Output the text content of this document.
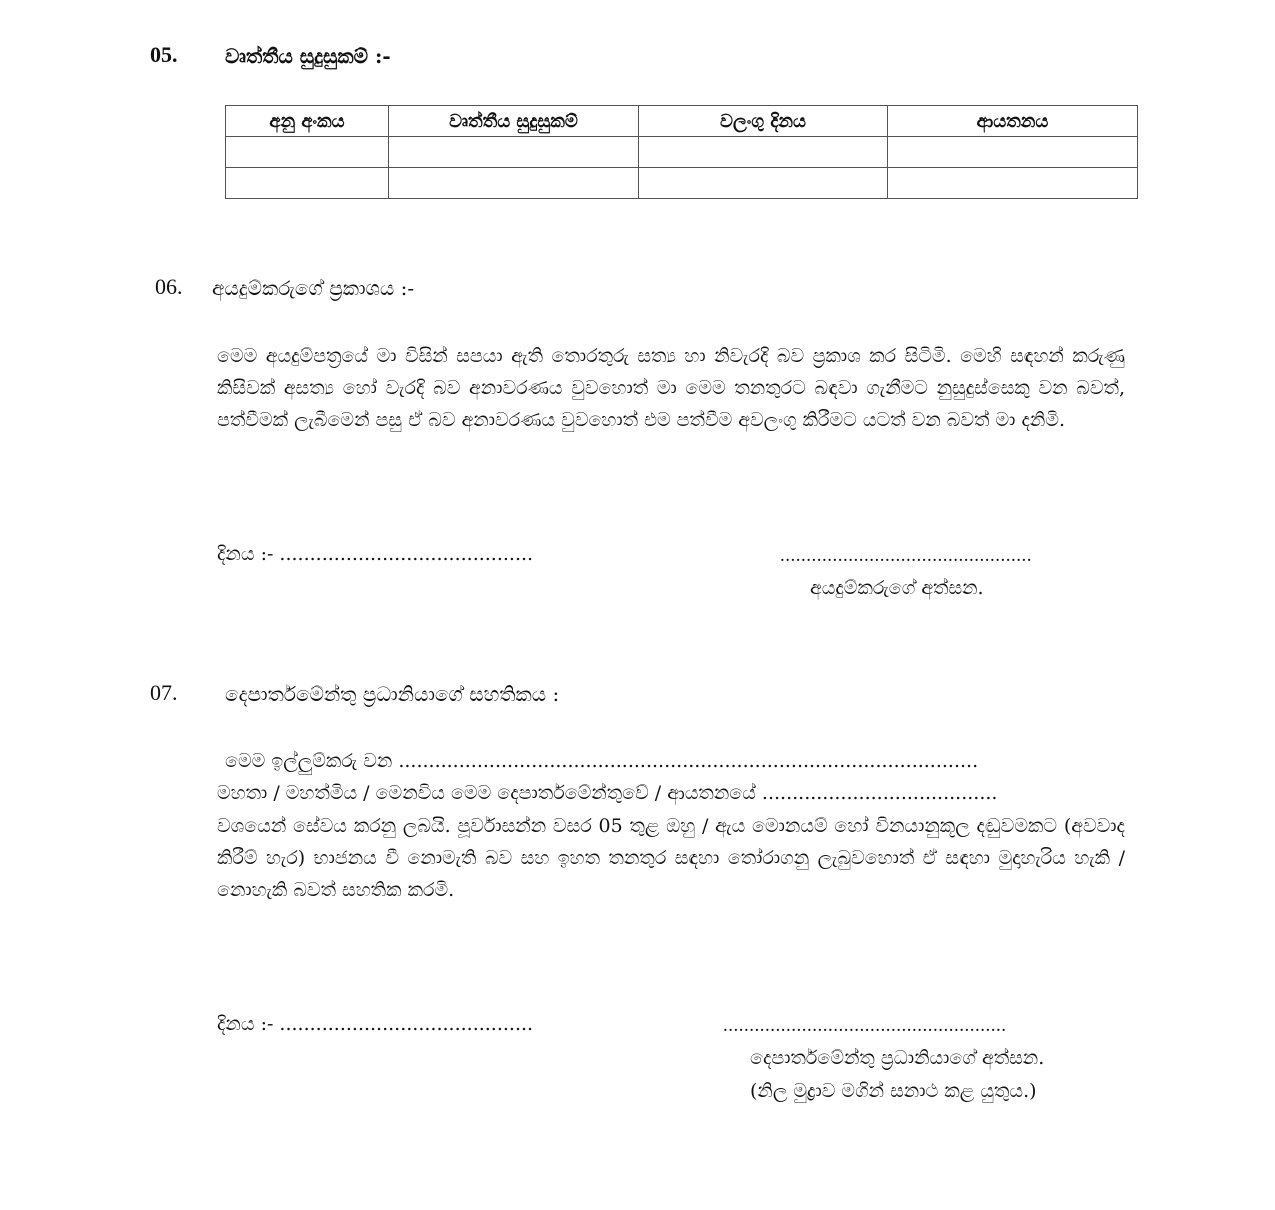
05. වෘත්තීය සුදුසුකම් :-
අනු අංකය	වෘත්තීය සුදුසුකම්	වලංගු දිනය	ආයතනය

06. අයදුම්කරුගේ ප්‍රකාශය :-
මෙම අයදුම්පත්‍රයේ මා විසින් සපයා ඇති තොරතුරු සත්‍ය හා නිවැරදි බව ප්‍රකාශ කර සිටිමි. මෙහි සඳහන් කරුණු කිසිවක් අසත්‍ය හෝ වැරදි බව අනාවරණය වුවහොත් මා මෙම තනතුරට බඳවා ගැනීමට නුසුදුස්සෙකු වන බවත්, පත්වීමක් ලැබීමෙන් පසු ඒ බව අනාවරණය වුවහොත් එම පත්වීම අවලංගු කිරීමට යටත් වන බවත් මා දනිමි.
දිනය :- ..........................................	................................................
අයදුම්කරුගේ අත්සන.
07. දෙපාර්තමේන්තු ප්‍රධානියාගේ සහතිකය :
මෙම ඉල්ලුම්කරු වන ................................................................................................
මහතා / මහත්මිය / මෙනවිය මෙම දෙපාර්තමේන්තුවේ / ආයතනයේ .......................................
වශයෙන් සේවය කරනු ලබයි. පූර්වාසන්න වසර 05 තුළ ඔහු / ඇය මොනයම් හෝ විනයානුකූල දඬුවමකට (අවවාද කිරීම් හැර) භාජනය වී නොමැති බව සහ ඉහත තනතුර සඳහා තෝරාගනු ලැබුවහොත් ඒ සඳහා මුදාහැරිය හැකි /නොහැකි බවත් සහතික කරමි.
දිනය :- ..........................................	......................................................
දෙපාර්තමේන්තු ප්‍රධානියාගේ අත්සන.
(නිල මුද්‍රාව මගින් සනාථ කළ යුතුය.)
